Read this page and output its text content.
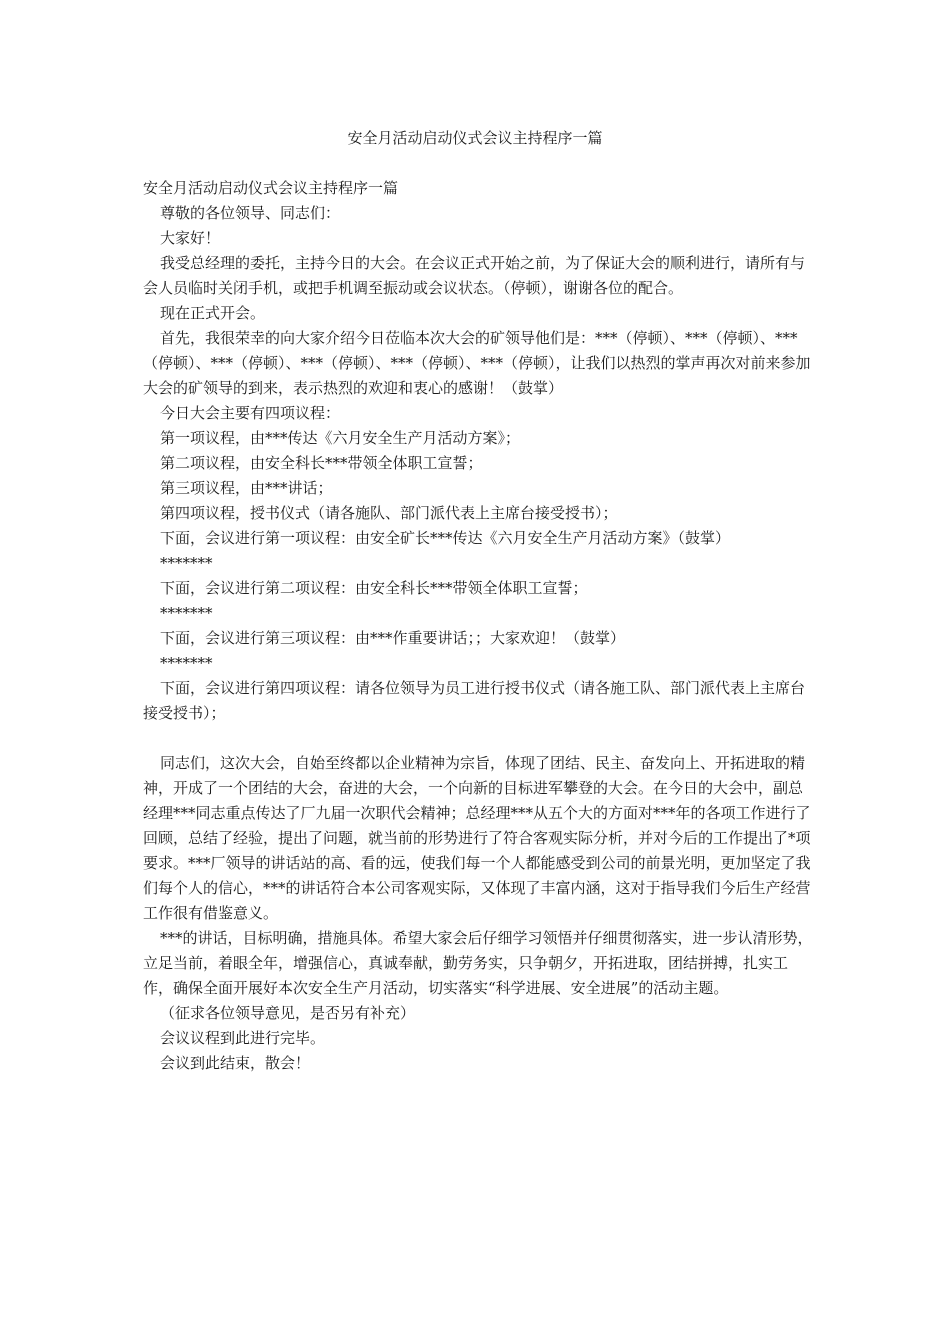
安全月活动启动仪式会议主持程序一篇

安全月活动启动仪式会议主持程序一篇

尊敬的各位领导、同志们：

大家好！

我受总经理的委托，主持今日的大会。在会议正式开始之前，为了保证大会的顺利进行，请所有与会人员临时关闭手机，或把手机调至振动或会议状态。（停顿），谢谢各位的配合。

现在正式开会。

首先，我很荣幸的向大家介绍今日莅临本次大会的矿领导他们是：***（停顿）、***（停顿）、***（停顿）、***（停顿）、***（停顿）、***（停顿）、***（停顿），让我们以热烈的掌声再次对前来参加大会的矿领导的到来，表示热烈的欢迎和衷心的感谢！（鼓掌）

今日大会主要有四项议程：

第一项议程，由***传达《六月安全生产月活动方案》；

第二项议程，由安全科长***带领全体职工宣誓；

第三项议程，由***讲话；

第四项议程，授书仪式（请各施队、部门派代表上主席台接受授书）；

下面，会议进行第一项议程：由安全矿长***传达《六月安全生产月活动方案》（鼓掌）

*******

下面，会议进行第二项议程：由安全科长***带领全体职工宣誓；

*******

下面，会议进行第三项议程：由***作重要讲话；；大家欢迎！（鼓掌）

*******

下面，会议进行第四项议程：请各位领导为员工进行授书仪式（请各施工队、部门派代表上主席台接受授书）；

同志们，这次大会，自始至终都以企业精神为宗旨，体现了团结、民主、奋发向上、开拓进取的精神，开成了一个团结的大会，奋进的大会，一个向新的目标进军攀登的大会。在今日的大会中，副总经理***同志重点传达了厂九届一次职代会精神；总经理***从五个大的方面对***年的各项工作进行了回顾，总结了经验，提出了问题，就当前的形势进行了符合客观实际分析，并对今后的工作提出了*项要求。***厂领导的讲话站的高、看的远，使我们每一个人都能感受到公司的前景光明，更加坚定了我们每个人的信心，***的讲话符合本公司客观实际，又体现了丰富内涵，这对于指导我们今后生产经营工作很有借鉴意义。

***的讲话，目标明确，措施具体。希望大家会后仔细学习领悟并仔细贯彻落实，进一步认清形势，立足当前，着眼全年，增强信心，真诚奉献，勤劳务实，只争朝夕，开拓进取，团结拼搏，扎实工作，确保全面开展好本次安全生产月活动，切实落实“科学进展、安全进展”的活动主题。

（征求各位领导意见，是否另有补充）

会议议程到此进行完毕。

会议到此结束，散会！
